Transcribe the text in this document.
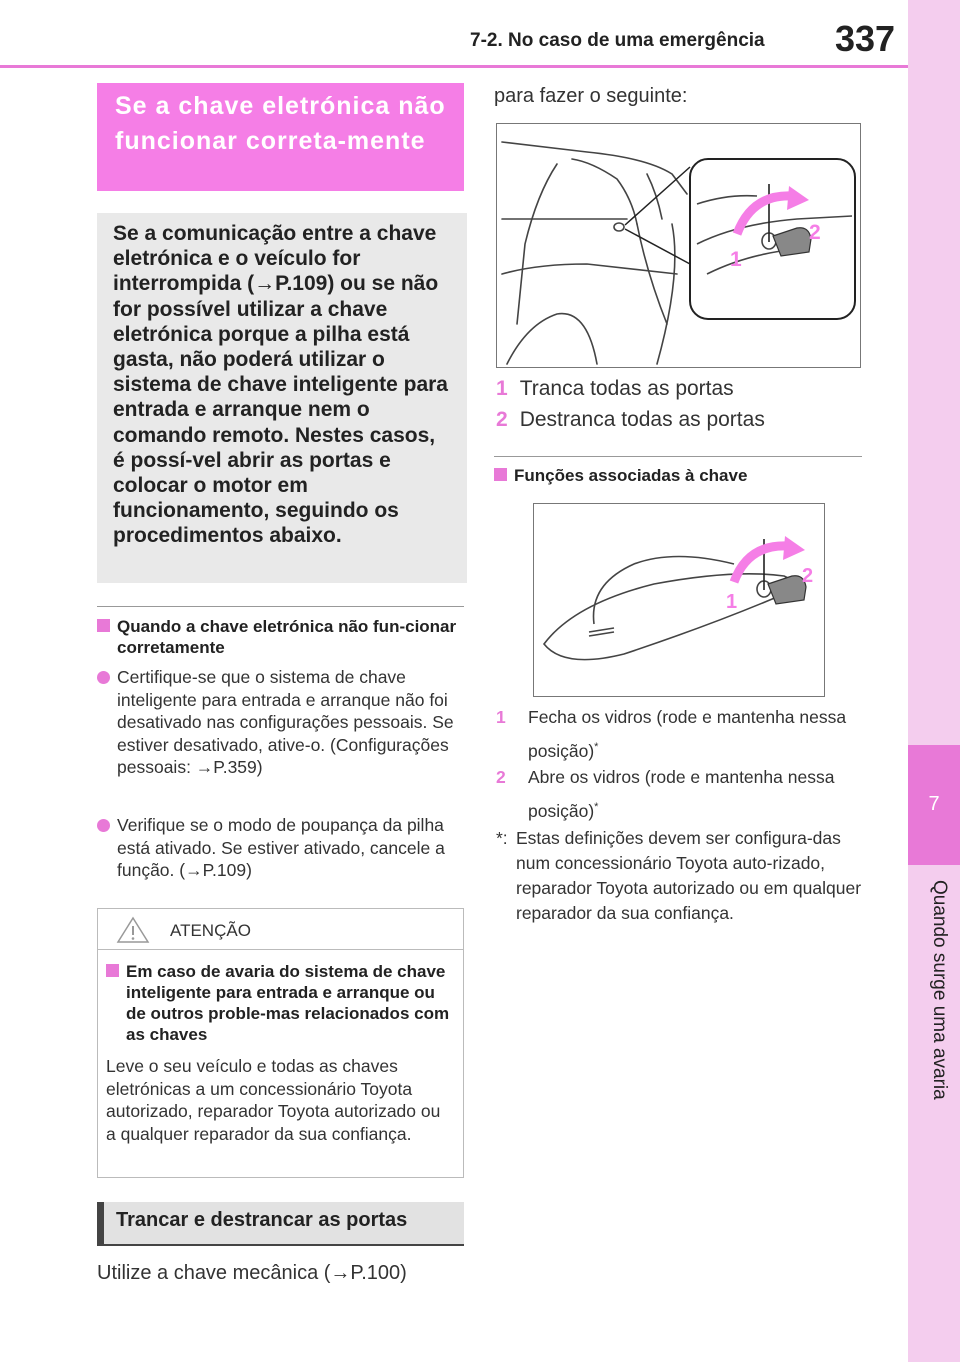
7-2. No caso de uma emergência 337
7
Quando surge uma avaria
Se a chave eletrónica não funcionar correta-mente
Se a comunicação entre a chave eletrónica e o veículo for interrompida (→P.109) ou se não for possível utilizar a chave eletrónica porque a pilha está gasta, não poderá utilizar o sistema de chave inteligente para entrada e arranque nem o comando remoto. Nestes casos, é possí-vel abrir as portas e colocar o motor em funcionamento, seguindo os procedimentos abaixo.
Quando a chave eletrónica não fun-cionar corretamente
Certifique-se que o sistema de chave inteligente para entrada e arranque não foi desativado nas configurações pessoais. Se estiver desativado, ative-o. (Configurações pessoais: →P.359)
Verifique se o modo de poupança da pilha está ativado. Se estiver ativado, cancele a função. (→P.109)
ATENÇÃO
Em caso de avaria do sistema de chave inteligente para entrada e arranque ou de outros proble-mas relacionados com as chaves
Leve o seu veículo e todas as chaves eletrónicas a um concessionário Toyota autorizado, reparador Toyota autorizado ou a qualquer reparador da sua confiança.
Trancar e destrancar as portas
Utilize a chave mecânica (→P.100)
para fazer o seguinte:
1
2
1 Tranca todas as portas
2 Destranca todas as portas
Funções associadas à chave
1
2
1	Fecha os vidros (rode e mantenha nessa posição)*
2	Abre os vidros (rode e mantenha nessa posição)*
*: Estas definições devem ser configura-das num concessionário Toyota auto-rizado, reparador Toyota autorizado ou em qualquer reparador da sua confiança.
